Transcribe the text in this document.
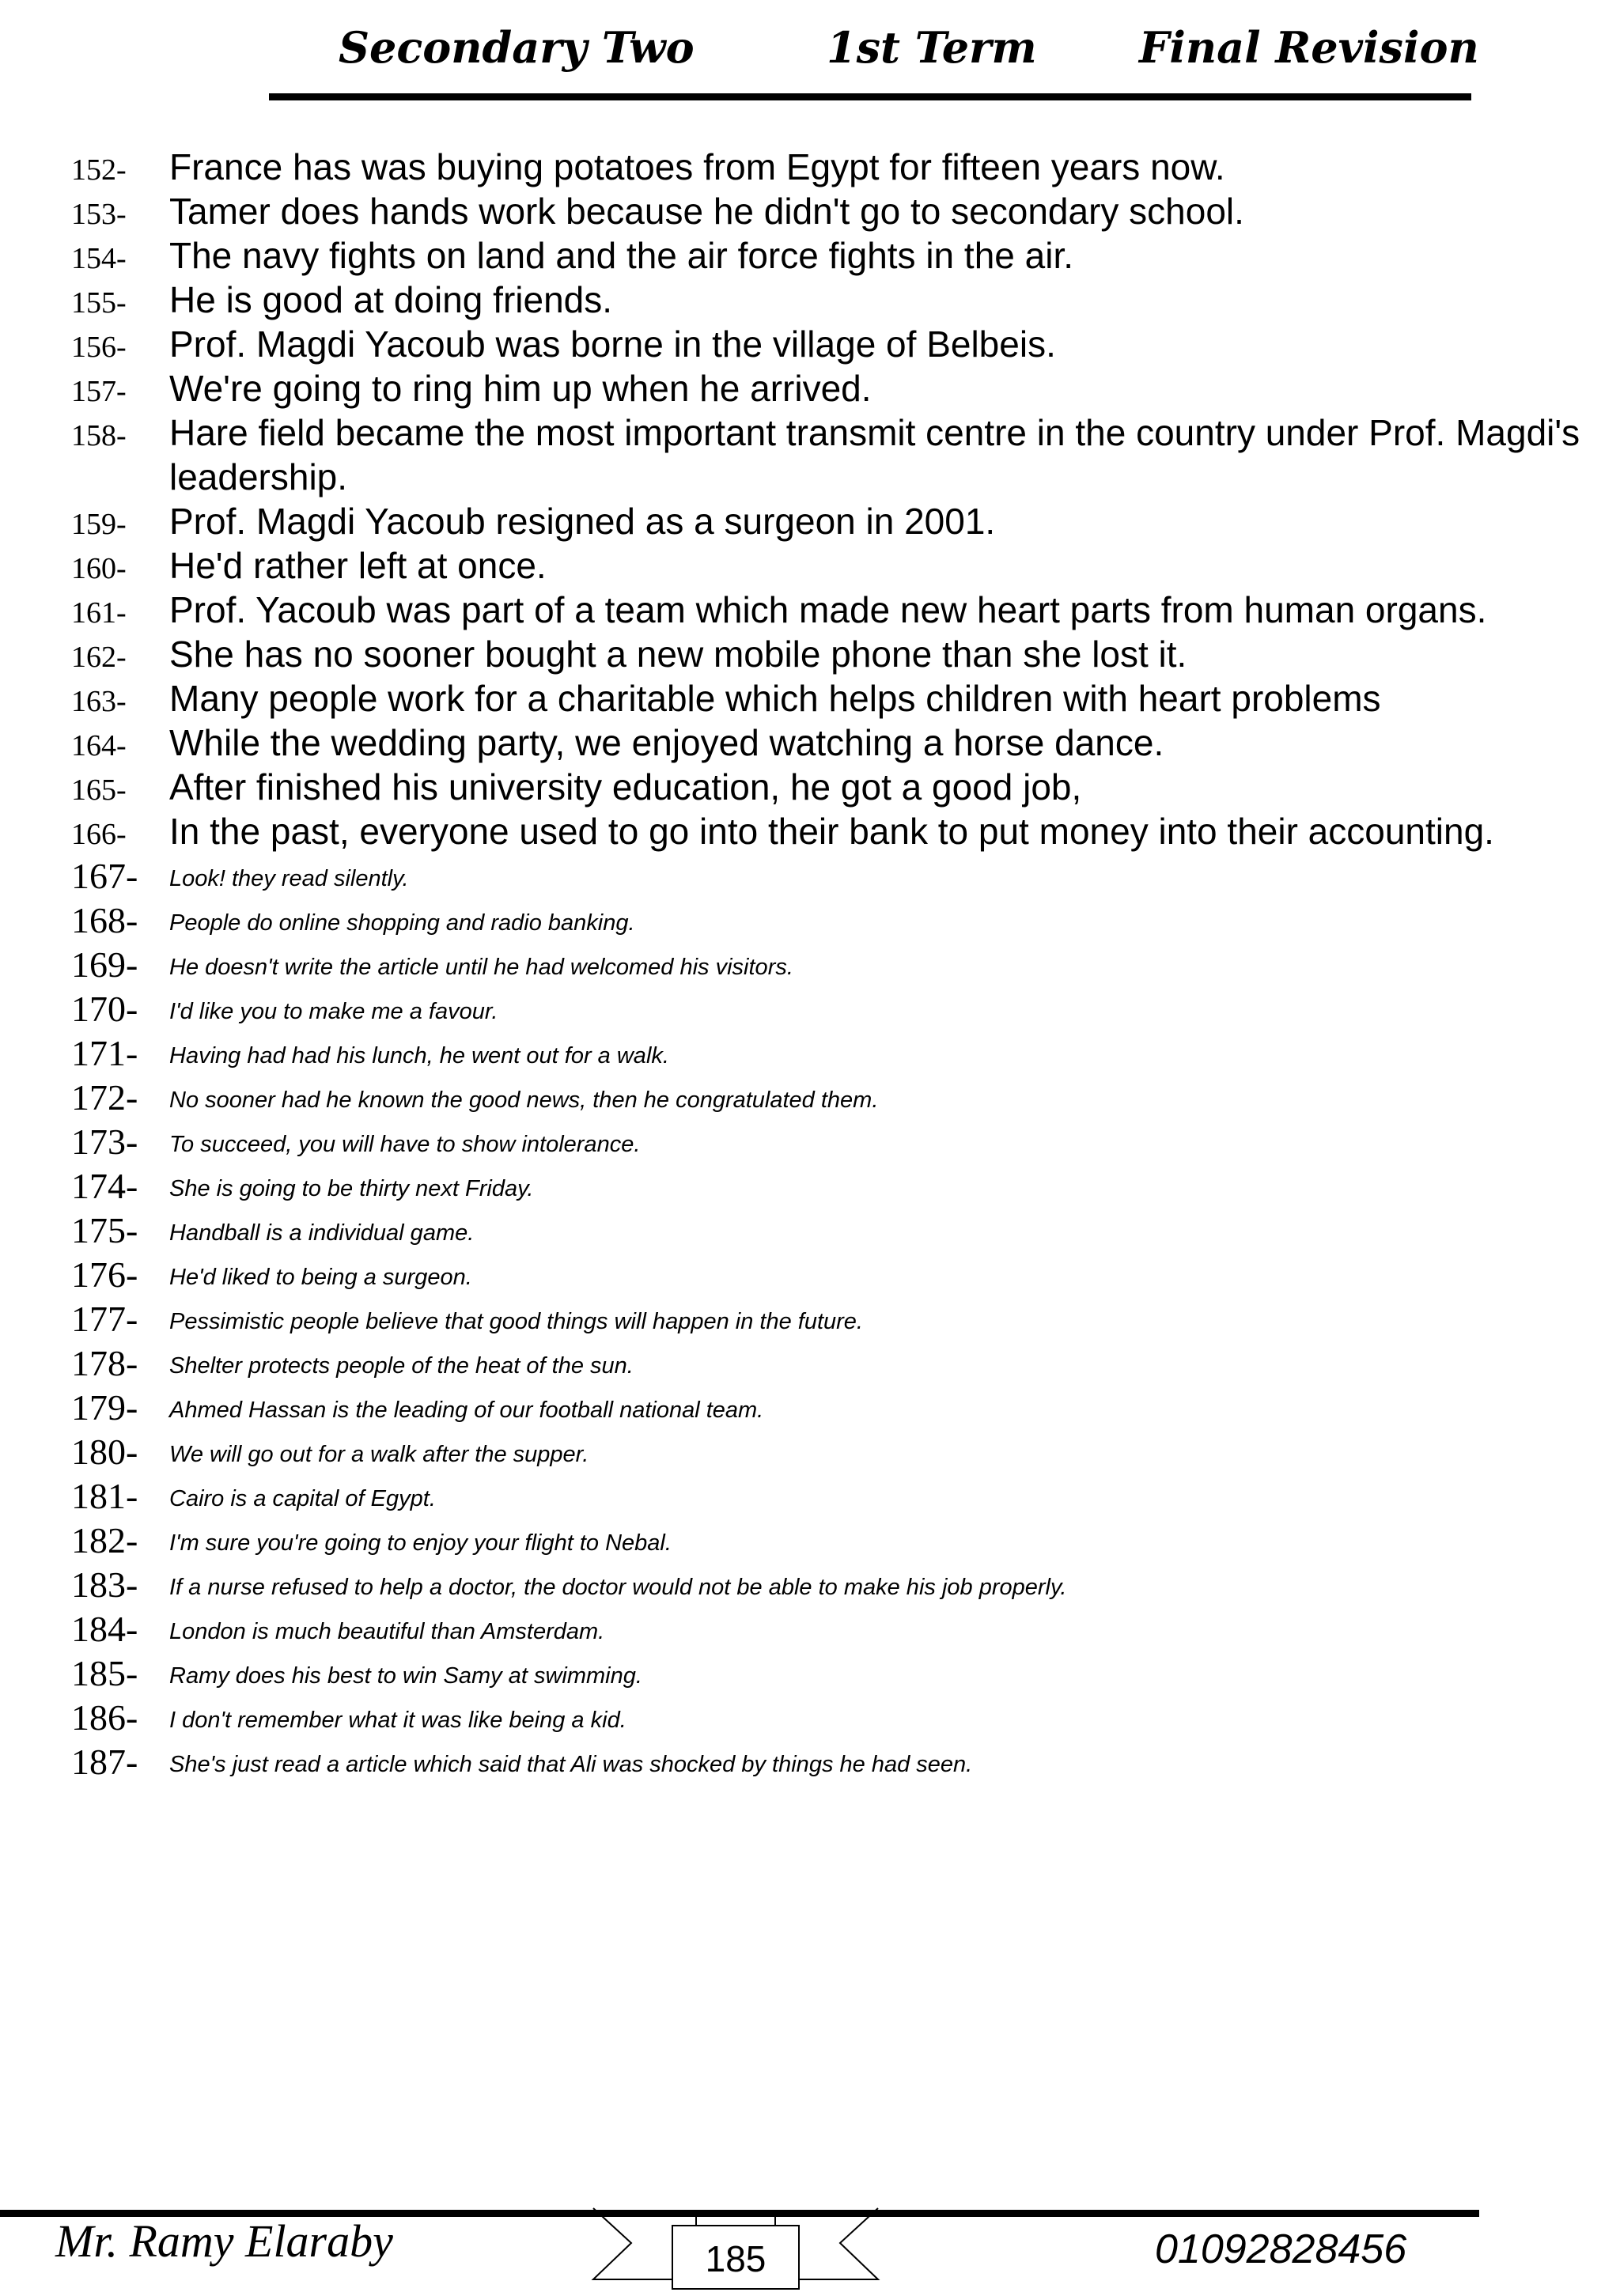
Secondary Two	1st Term Final Revision
152- France has was buying potatoes from Egypt for fifteen years now.
153- Tamer does hands work because he didn't go to secondary school.
154- The navy fights on land and the air force fights in the air.
155- He is good at doing friends.
156- Prof. Magdi Yacoub was borne in the village of Belbeis.
157- We're going to ring him up when he arrived.
158- Hare field became the most important transmit centre in the country under Prof. Magdi's leadership.
159- Prof. Magdi Yacoub resigned as a surgeon in 2001.
160- He'd rather left at once.
161- Prof. Yacoub was part of a team which made new heart parts from human organs.
162- She has no sooner bought a new mobile phone than she lost it.
163- Many people work for a charitable which helps children with heart problems
164- While the wedding party, we enjoyed watching a horse dance.
165- After finished his university education, he got a good job,
166- In the past, everyone used to go into their bank to put money into their accounting.
167- Look! they read silently.
168- People do online shopping and radio banking.
169- He doesn't write the article until he had welcomed his visitors.
170- I'd like you to make me a favour.
171- Having had had his lunch, he went out for a walk.
172- No sooner had he known the good news, then he congratulated them.
173- To succeed, you will have to show intolerance.
174- She is going to be thirty next Friday.
175- Handball is a individual game.
176- He'd liked to being a surgeon.
177- Pessimistic people believe that good things will happen in the future.
178- Shelter protects people of the heat of the sun.
179- Ahmed Hassan is the leading of our football national team.
180- We will go out for a walk after the supper.
181- Cairo is a capital of Egypt.
182- I'm sure you're going to enjoy your flight to Nebal.
183- If a nurse refused to help a doctor, the doctor would not be able to make his job properly.
184- London is much beautiful than Amsterdam.
185- Ramy does his best to win Samy at swimming.
186- I don't remember what it was like being a kid.
187- She's just read a article which said that Ali was shocked by things he had seen.
Mr. Ramy Elaraby	185	01092828456
